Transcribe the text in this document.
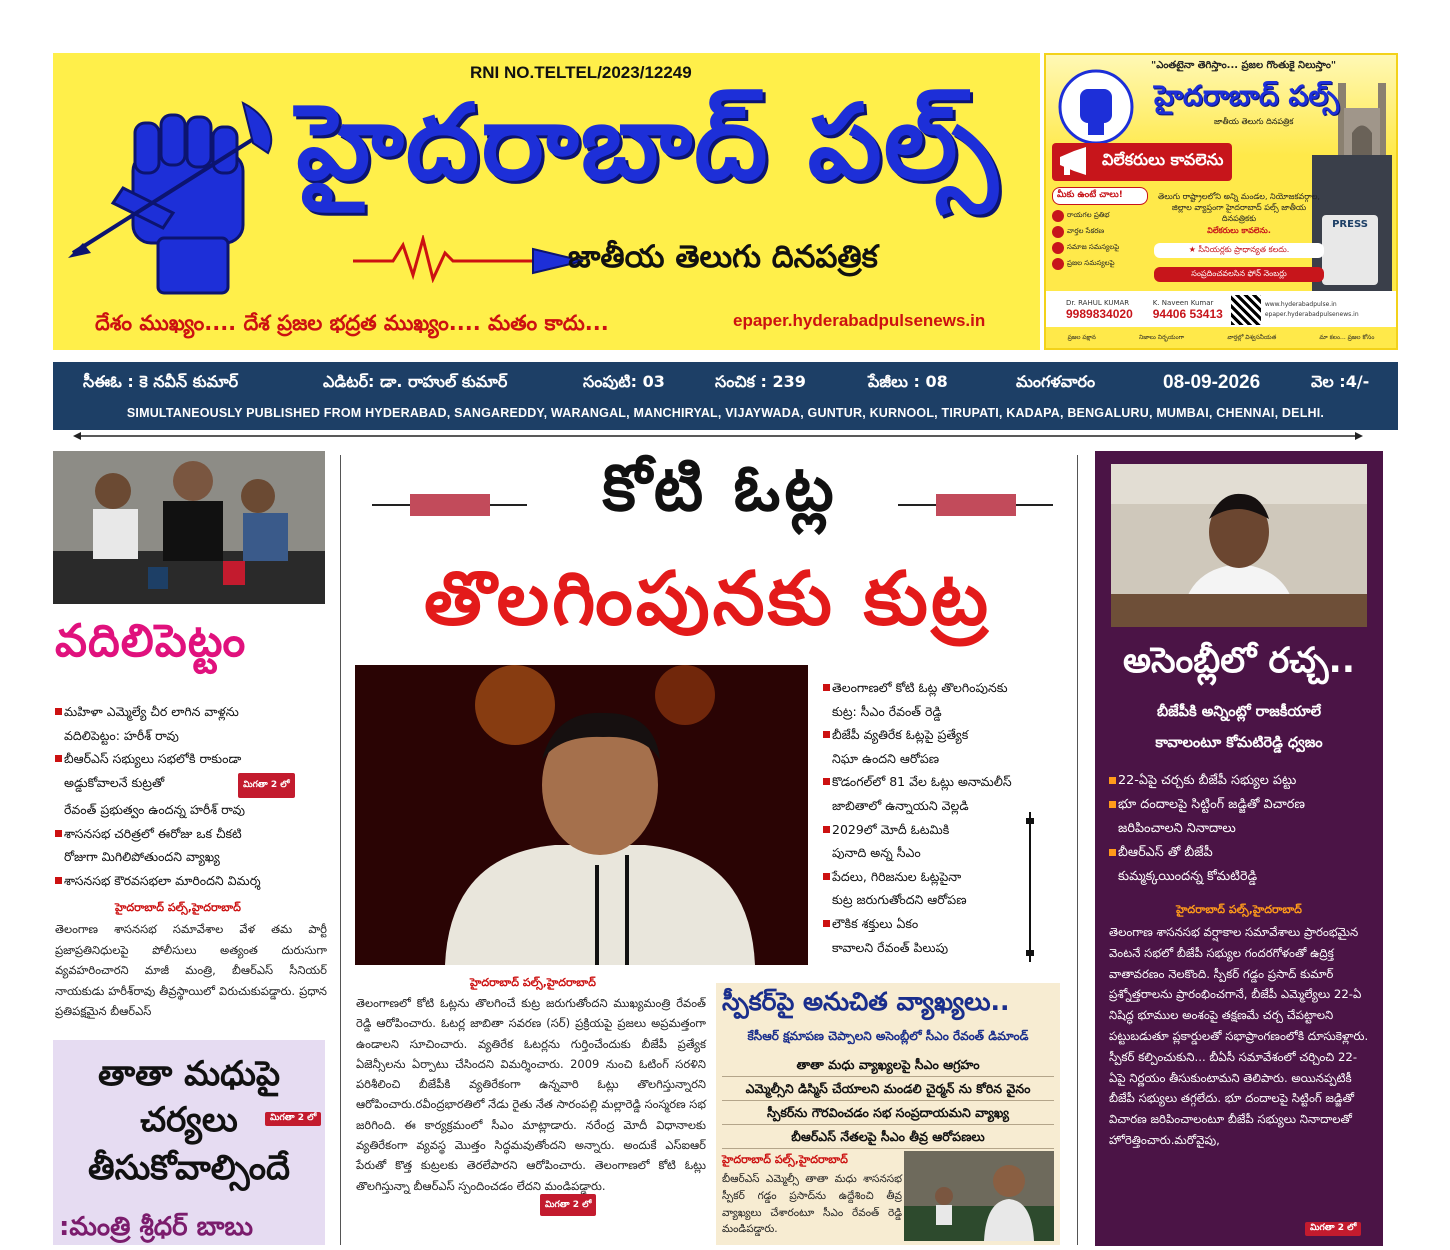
RNI NO.TELTEL/2023/12249
హైదరాబాద్ పల్స్
జాతీయ తెలుగు దినపత్రిక
దేశం ముఖ్యం.... దేశ ప్రజల భద్రత ముఖ్యం.... మతం కాదు...	epaper.hyderabadpulsenews.in
"ఎంతటైనా తెగిస్తాం... ప్రజల గొంతుకై నిలుస్తాం"
హైదరాబాద్ పల్స్
జాతీయ తెలుగు దినపత్రిక
విలేకరులు కావలెను
PRESS
మీకు ఉంటే చాలు!
రాయగల ప్రతిభ
వార్తల సేకరణ
సమాజ సమస్యలపై
ప్రజల సమస్యలపై
తెలుగు రాష్ట్రాలలోని అన్ని మండల, నియోజకవర్గాల, జిల్లాల వ్యాప్తంగా హైదరాబాద్ పల్స్ జాతీయ దినపత్రికకు
విలేకరులు కావలెను.
★ సీనియర్లకు ప్రాధాన్యత కలదు.
సంప్రదించవలసిన ఫోన్ నెంబర్లు
Dr. RAHUL KUMAR
9989834020
K. Naveen Kumar
94406 53413
www.hyderabadpulse.in
epaper.hyderabadpulsenews.in
ప్రజల పక్షాన	నిజాలు నిర్భయంగా	వార్తల్లో విశ్వసనీయత	మా కలం... ప్రజల కోసం
సీఈఓ : కె నవీన్ కుమార్	ఎడిటర్: డా. రాహుల్ కుమార్	సంపుటి: 03	సంచిక : 239	పేజీలు : 08	మంగళవారం	08-09-2026	వెల :4/-
SIMULTANEOUSLY PUBLISHED FROM HYDERABAD, SANGAREDDY, WARANGAL, MANCHIRYAL, VIJAYWADA, GUNTUR, KURNOOL, TIRUPATI, KADAPA, BENGALURU, MUMBAI, CHENNAI, DELHI.
వదిలిపెట్టం
మహిళా ఎమ్మెల్యే చీర లాగిన వాళ్లను
వదిలిపెట్టం: హరీశ్ రావు
బీఆర్ఎస్ సభ్యులు సభలోకి రాకుండా
అడ్డుకోవాలనే కుట్రతో	మిగతా 2 లో
రేవంత్ ప్రభుత్వం ఉందన్న హరీశ్ రావు
శాసనసభ చరిత్రలో ఈరోజు ఒక చీకటి
రోజుగా మిగిలిపోతుందని వ్యాఖ్య
శాసనసభ కౌరవసభలా మారిందని విమర్శ
హైదరాబాద్ పల్స్,హైదరాబాద్
తెలంగాణ శాసనసభ సమావేశాల వేళ తమ పార్టీ ప్రజాప్రతినిధులపై పోలీసులు అత్యంత దురుసుగా వ్యవహరించారని మాజీ మంత్రి, బీఆర్ఎస్ సీనియర్ నాయకుడు హరీశ్‌రావు తీవ్రస్థాయిలో విరుచుకుపడ్డారు. ప్రధాన ప్రతిపక్షమైన బీఆర్ఎస్
తాతా మధుపై
చర్యలు	మిగతా 2 లో
తీసుకోవాల్సిందే
:మంత్రి శ్రీధర్ బాబు
కోటి ఓట్ల
తొలగింపునకు కుట్ర
తెలంగాణలో కోటి ఓట్ల తొలగింపునకు
కుట్ర: సీఎం రేవంత్ రెడ్డి
బీజేపీ వ్యతిరేక ఓట్లపై ప్రత్యేక
నిఘా ఉందని ఆరోపణ
కొడంగల్‌లో 81 వేల ఓట్లు అనామలీస్
జాబితాలో ఉన్నాయని వెల్లడి
2029లో మోదీ ఓటమికి
పునాది అన్న సీఎం
పేదలు, గిరిజనుల ఓట్లపైనా
కుట్ర జరుగుతోందని ఆరోపణ
లౌకిక శక్తులు ఏకం
కావాలని రేవంత్ పిలుపు
హైదరాబాద్ పల్స్,హైదరాబాద్
తెలంగాణలో కోటి ఓట్లను తొలగించే కుట్ర జరుగుతోందని ముఖ్యమంత్రి రేవంత్ రెడ్డి ఆరోపించారు. ఓటర్ల జాబితా సవరణ (సర్) ప్రక్రియపై ప్రజలు అప్రమత్తంగా ఉండాలని సూచించారు. వ్యతిరేక ఓటర్లను గుర్తించేందుకు బీజేపీ ప్రత్యేక ఏజెన్సీలను ఏర్పాటు చేసిందని విమర్శించారు. 2009 నుంచి ఓటింగ్ సరళిని పరిశీలించి బీజేపీకి వ్యతిరేకంగా ఉన్నవారి ఓట్లు తొలగిస్తున్నారని ఆరోపించారు.రవీంద్రభారతిలో నేడు రైతు నేత సారంపల్లి మల్లారెడ్డి సంస్మరణ సభ జరిగింది. ఈ కార్యక్రమంలో సీఎం మాట్లాడారు. నరేంద్ర మోదీ విధానాలకు వ్యతిరేకంగా వ్యవస్థ మొత్తం సిద్ధమవుతోందని అన్నారు. అందుకే ఎస్ఐఆర్ పేరుతో కొత్త కుట్రలకు తెరలేపారని ఆరోపించారు. తెలంగాణలో కోటి ఓట్లు తొలగిస్తున్నా బీఆర్ఎస్ స్పందించడం లేదని మండిపడ్డారు.
మిగతా 2 లో
స్పీకర్‌పై అనుచిత వ్యాఖ్యలు..
కేసీఆర్ క్షమాపణ చెప్పాలని అసెంబ్లీలో సీఎం రేవంత్ డిమాండ్
తాతా మధు వ్యాఖ్యలపై సీఎం ఆగ్రహం
ఎమ్మెల్సీని డిస్మిస్ చేయాలని మండలి చైర్మన్ ను కోరిన వైనం
స్పీకర్‌ను గౌరవించడం సభ సంప్రదాయమని వ్యాఖ్య
బీఆర్ఎస్ నేతలపై సీఎం తీవ్ర ఆరోపణలు
హైదరాబాద్ పల్స్,హైదరాబాద్
బీఆర్ఎస్ ఎమ్మెల్సీ తాతా మధు శాసనసభ స్పీకర్ గడ్డం ప్రసాద్‌ను ఉద్దేశించి తీవ్ర వ్యాఖ్యలు చేశారంటూ సీఎం రేవంత్ రెడ్డి మండిపడ్డారు.
అసెంబ్లీలో రచ్చ..
బీజేపీకి అన్నింట్లో రాజకీయాలే
కావాలంటూ కోమటిరెడ్డి ధ్వజం
22-ఏపై చర్చకు బీజేపీ సభ్యుల పట్టు
భూ దందాలపై సిట్టింగ్ జడ్జితో విచారణ
జరిపించాలని నినాదాలు
బీఆర్ఎస్ తో బీజేపీ
కుమ్మక్కయిందన్న కోమటిరెడ్డి
హైదరాబాద్ పల్స్,హైదరాబాద్
తెలంగాణ శాసనసభ వర్షాకాల సమావేశాలు ప్రారంభమైన వెంటనే సభలో బీజేపీ సభ్యుల గందరగోళంతో ఉద్రిక్త వాతావరణం నెలకొంది. స్పీకర్ గడ్డం ప్రసాద్ కుమార్ ప్రశ్నోత్తరాలను ప్రారంభించగానే, బీజేపీ ఎమ్మెల్యేలు 22-ఏ నిషిద్ధ భూముల అంశంపై తక్షణమే చర్చ చేపట్టాలని పట్టుబడుతూ ప్లకార్డులతో సభాప్రాంగణంలోకి దూసుకెళ్లారు. స్పీకర్ కల్పించుకుని... బీఏసీ సమావేశంలో చర్చించి 22-ఏపై నిర్ణయం తీసుకుంటామని తెలిపారు. అయినప్పటికీ బీజేపీ సభ్యులు తగ్గలేదు. భూ దందాలపై సిట్టింగ్ జడ్జితో విచారణ జరిపించాలంటూ బీజేపీ సభ్యులు నినాదాలతో హోరెత్తించారు.మరోవైపు,
మిగతా 2 లో
